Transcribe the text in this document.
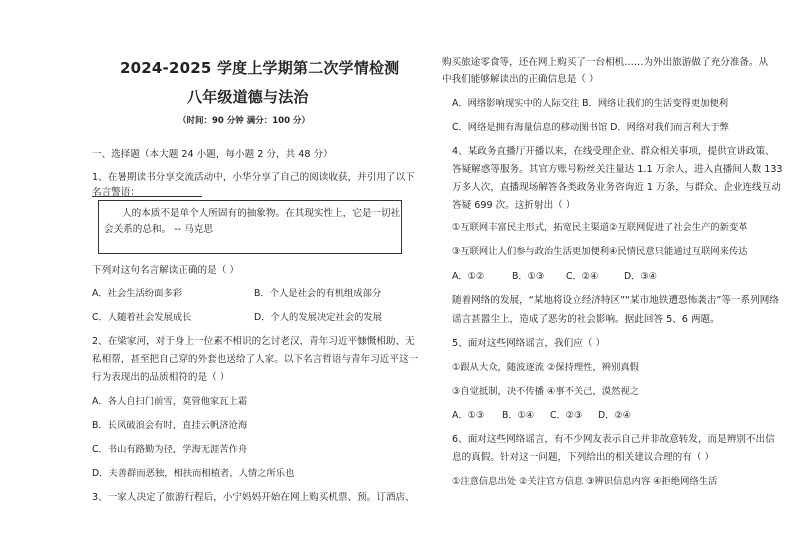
2024-2025 学度上学期第二次学情检测
八年级道德与法治
（时间：90 分钟 满分：100 分）
一、选择题（本大题 24 小题，每小题 2 分，共 48 分）
1、在暑期读书分享交流活动中，小华分享了自己的阅读收获，并引用了以下
名言警语：
人的本质不是单个人所固有的抽象物。在其现实性上，它是一切社
会关系的总和。 -- 马克思
下列对这句名言解读正确的是（ ）
A．社会生活纷面多彩	B．个人是社会的有机组成部分
C．人随着社会发展成长	D．个人的发展决定社会的发展
2、在梁家河，对于身上一位素不相识的乞讨老汉，青年习近平慷慨相助、无
私相帮，甚至把自己穿的外套也送给了人家。以下名言哲语与青年习近平这一
行为表现出的品质相符的是（ ）
A．各人自扫门前雪，莫管他家瓦上霜
B．长风破浪会有时，直挂云帆济沧海
C．书山有路勤为径，学海无涯苦作舟
D．夫善群而恶独，相扶而相植者，人情之所乐也
3、一家人决定了旅游行程后，小宁妈妈开始在网上购买机票、预。订酒店、
购买旅途零食等，还在网上购买了一台相机……为外出旅游做了充分准备。从
中我们能够解读出的正确信息是（ ）
A．网络影响现实中的人际交往 B．网络让我们的生活变得更加便利
C．网络是拥有海量信息的移动图书馆 D．网络对我们而言利大于弊
4、某政务直播厅开播以来，在线受理企业、群众相关事项，提供宣讲政策、
答疑解惑等服务。其官方账号粉丝关注量达 1.1 万余人，进入直播间人数 133
万多人次，直播现场解答各类政务业务咨询近 1 万条，与群众、企业连线互动
答疑 699 次。这折射出（ ）
①互联网丰富民主形式，拓宽民主渠道②互联网促进了社会生产的新变革
③互联网让人们参与政治生活更加便利④民情民意只能通过互联网来传达
A．①②	B．①③ C．②④	D．③④
随着网络的发展，“某地将设立经济特区”“某市地铁遭恐怖袭击”等一系列网络
谣言甚嚣尘上，造成了恶劣的社会影响。据此回答 5、6 两题。
5、面对这些网络谣言，我们应（ ）
①跟从大众，随波逐流 ②保持理性，辨别真假
③自觉抵制，决不传播 ④事不关己，漠然视之
A．①③ B．①④ C．②③ D．②④
6、面对这些网络谣言，有不少网友表示自己并非故意转发，而是辨别不出信
息的真假。针对这一问题，下列给出的相关建议合理的有（ ）
①注意信息出处 ②关注官方信息 ③辨识信息内容 ④拒绝网络生活
